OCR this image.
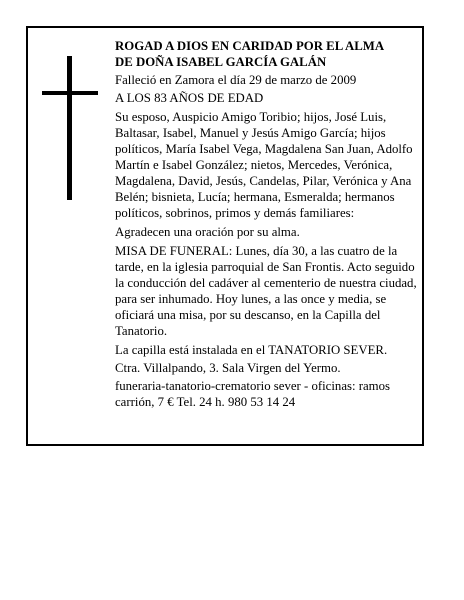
ROGAD A DIOS EN CARIDAD POR EL ALMA

DE DOÑA ISABEL GARCÍA GALÁN

Falleció en Zamora el día 29 de marzo de 2009

A LOS 83 AÑOS DE EDAD

Su esposo, Auspicio Amigo Toribio; hijos, José Luis, Baltasar, Isabel, Manuel y Jesús Amigo García; hijos políticos, María Isabel Vega, Magdalena San Juan, Adolfo Martín e Isabel González; nietos, Mercedes, Verónica, Magdalena, David, Jesús, Candelas, Pilar, Verónica y Ana Belén; bisnieta, Lucía; hermana, Esmeralda; hermanos políticos, sobrinos, primos y demás familiares:

Agradecen una oración por su alma.

MISA DE FUNERAL: Lunes, día 30, a las cuatro de la tarde, en la iglesia parroquial de San Frontis. Acto seguido la conducción del cadáver al cementerio de nuestra ciudad, para ser inhumado. Hoy lunes, a las once y media, se oficiará una misa, por su descanso, en la Capilla del Tanatorio.

La capilla está instalada en el TANATORIO SEVER.

Ctra. Villalpando, 3. Sala Virgen del Yermo.

funeraria-tanatorio-crematorio sever - oficinas: ramos carrión, 7 € Tel. 24 h. 980 53 14 24
